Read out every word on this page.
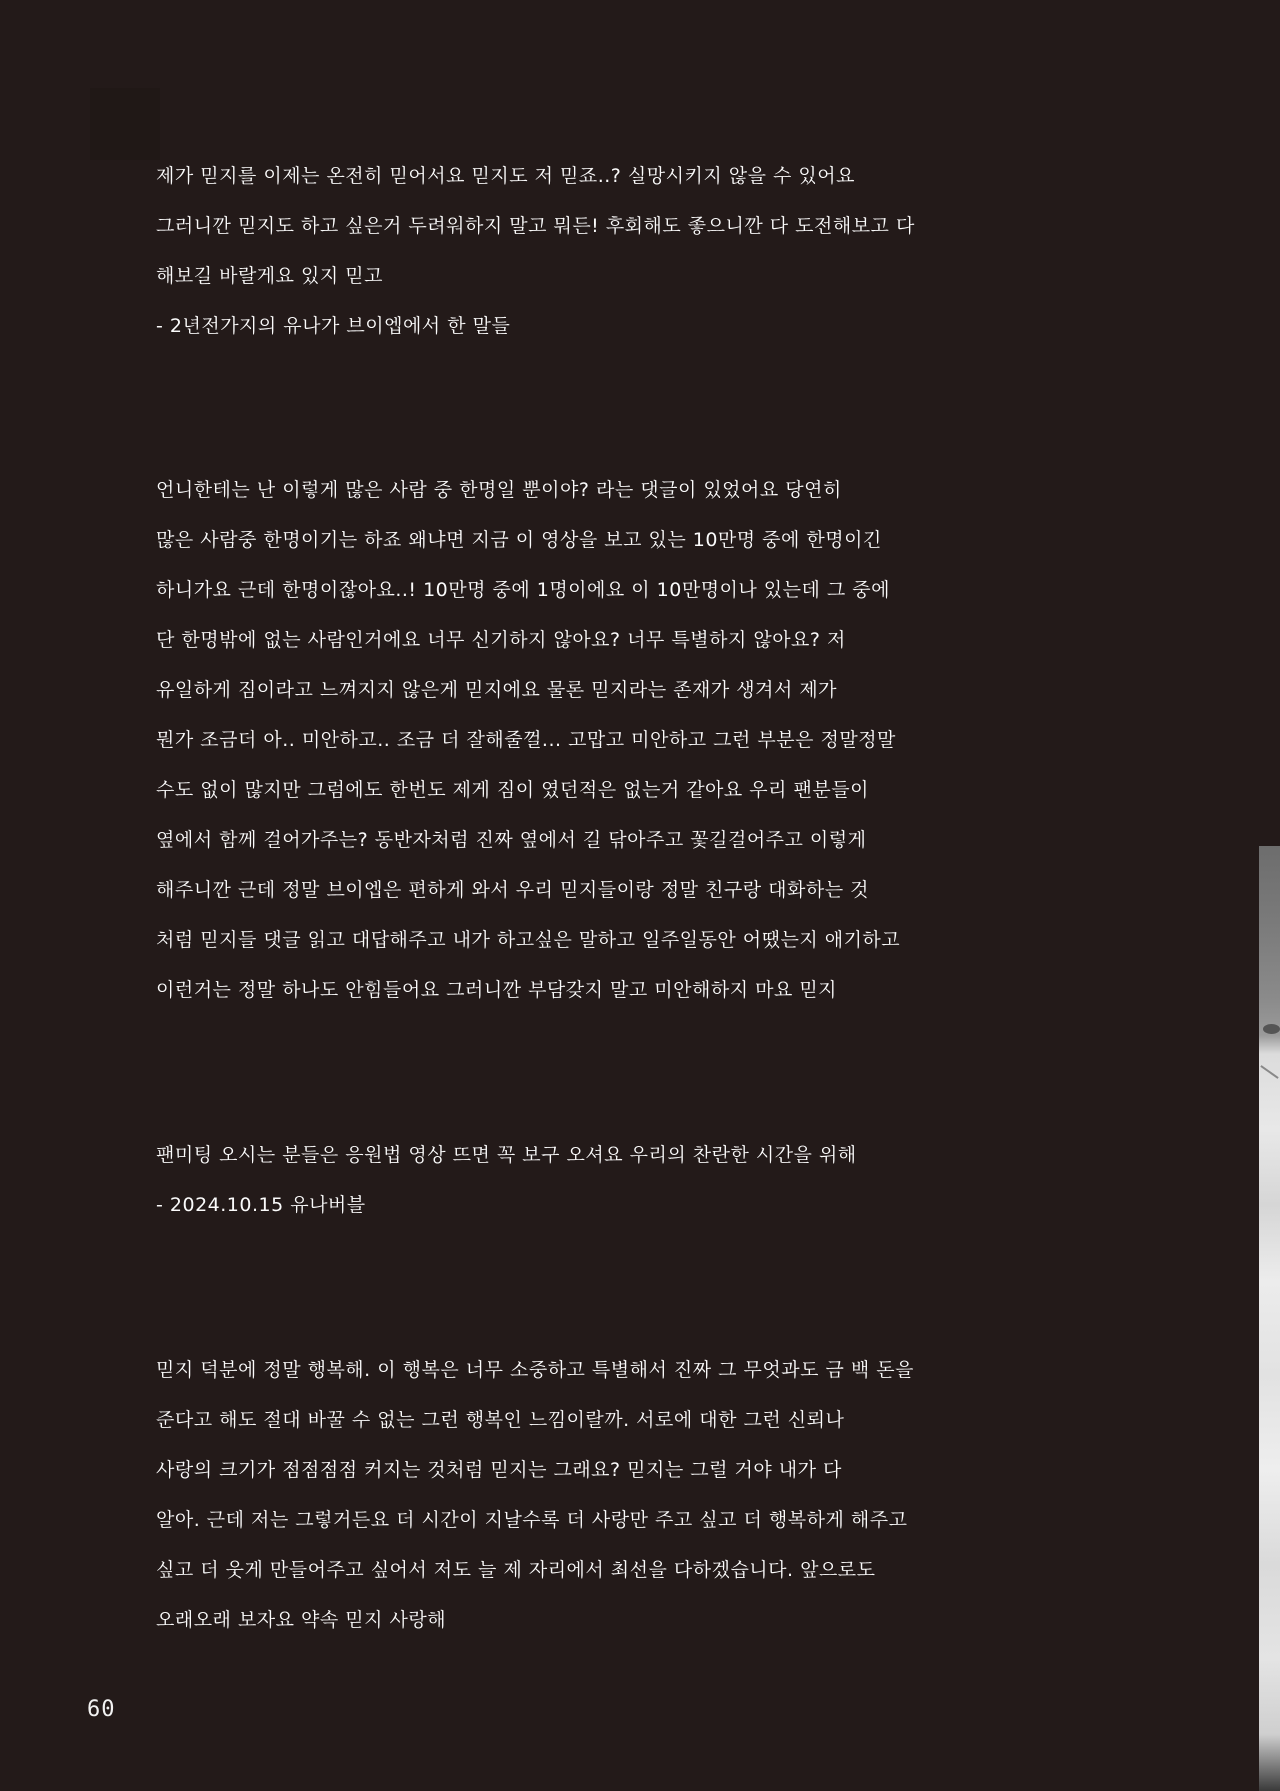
제가 믿지를 이제는 온전히 믿어서요 믿지도 저 믿죠..? 실망시키지 않을 수 있어요
그러니깐 믿지도 하고 싶은거 두려워하지 말고 뭐든! 후회해도 좋으니깐 다 도전해보고 다
해보길 바랄게요 있지 믿고
- 2년전가지의 유나가 브이엡에서 한 말들
언니한테는 난 이렇게 많은 사람 중 한명일 뿐이야? 라는 댓글이 있었어요 당연히
많은 사람중 한명이기는 하죠 왜냐면 지금 이 영상을 보고 있는 10만명 중에 한명이긴
하니가요 근데 한명이잖아요..! 10만명 중에 1명이에요 이 10만명이나 있는데 그 중에
단 한명밖에 없는 사람인거에요 너무 신기하지 않아요? 너무 특별하지 않아요? 저
유일하게 짐이라고 느껴지지 않은게 믿지에요 물론 믿지라는 존재가 생겨서 제가
뭔가 조금더 아.. 미안하고.. 조금 더 잘해줄껄... 고맙고 미안하고 그런 부분은 정말정말
수도 없이 많지만 그럼에도 한번도 제게 짐이 였던적은 없는거 같아요 우리 팬분들이
옆에서 함께 걸어가주는? 동반자처럼 진짜 옆에서 길 닦아주고 꽃길걸어주고 이렇게
해주니깐 근데 정말 브이엡은 편하게 와서 우리 믿지들이랑 정말 친구랑 대화하는 것
처럼 믿지들 댓글 읽고 대답해주고 내가 하고싶은 말하고 일주일동안 어땠는지 애기하고
이런거는 정말 하나도 안힘들어요 그러니깐 부담갖지 말고 미안해하지 마요 믿지
팬미팅 오시는 분들은 응원법 영상 뜨면 꼭 보구 오셔요 우리의 찬란한 시간을 위해
- 2024.10.15 유나버블
믿지 덕분에 정말 행복해. 이 행복은 너무 소중하고 특별해서 진짜 그 무엇과도 금 백 돈을
준다고 해도 절대 바꿀 수 없는 그런 행복인 느낌이랄까. 서로에 대한 그런 신뢰나
사랑의 크기가 점점점점 커지는 것처럼 믿지는 그래요? 믿지는 그럴 거야 내가 다
알아. 근데 저는 그렇거든요 더 시간이 지날수록 더 사랑만 주고 싶고 더 행복하게 해주고
싶고 더 웃게 만들어주고 싶어서 저도 늘 제 자리에서 최선을 다하겠습니다. 앞으로도
오래오래 보자요 약속 믿지 사랑해
60
